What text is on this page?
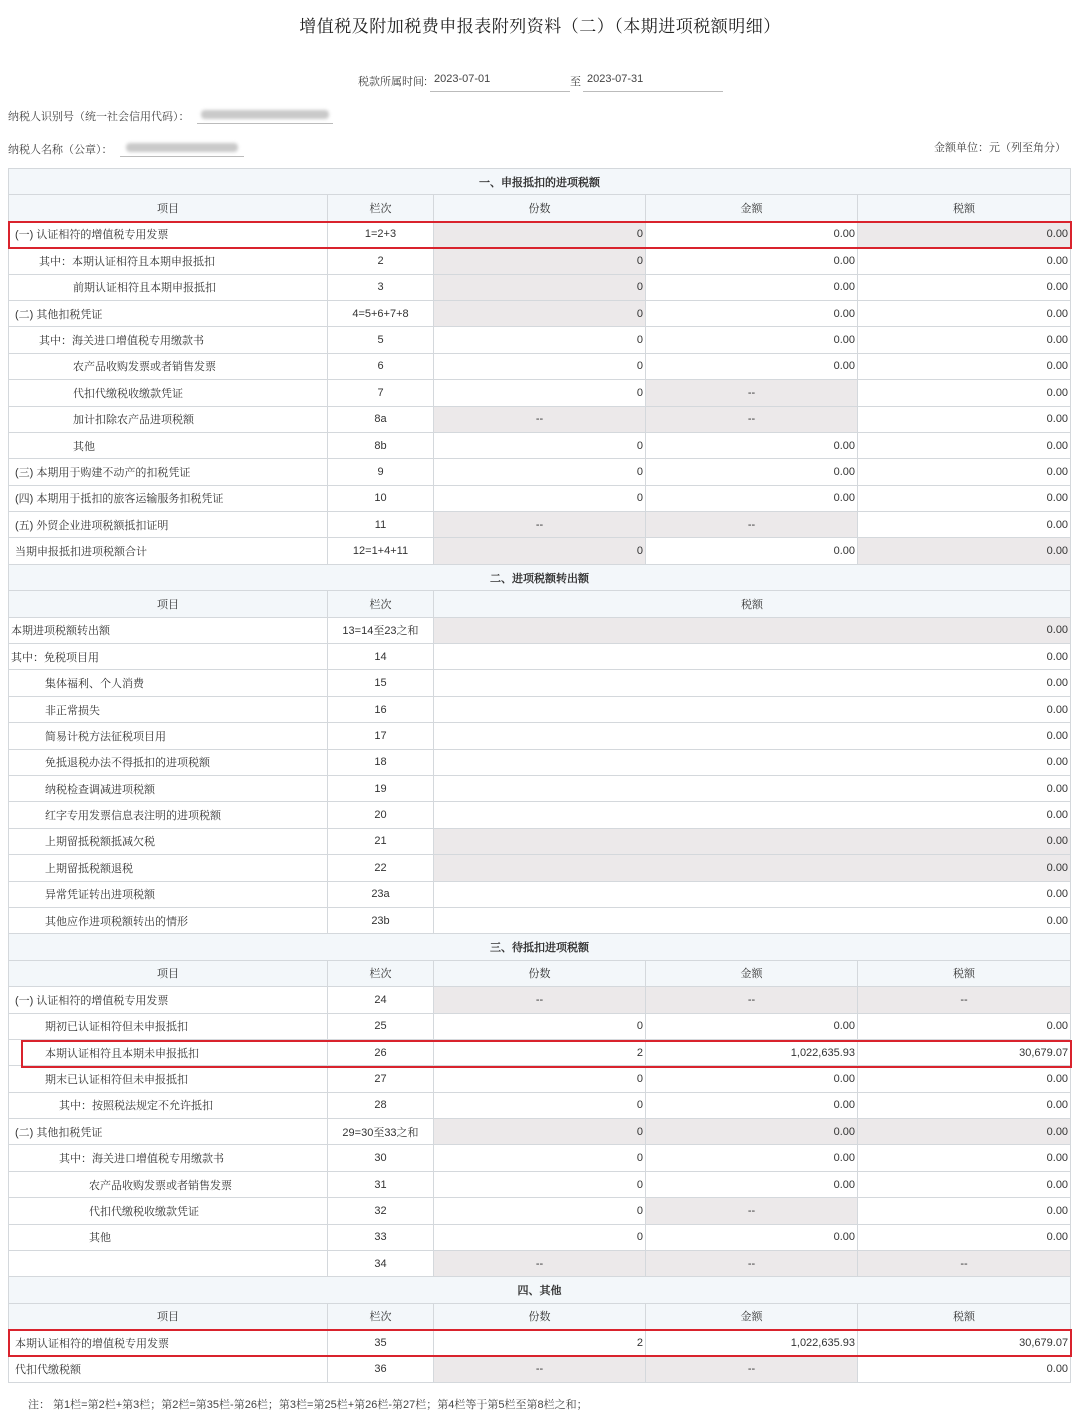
增值税及附加税费申报表附列资料（二）（本期进项税额明细）
税款所属时间: 2023-07-01	至 2023-07-31
纳税人识别号（统一社会信用代码）：
纳税人名称（公章）：	金额单位：元（列至角分）
一、申报抵扣的进项税额				
项目	栏次	份数	金额	税额
(一) 认证相符的增值税专用发票	1=2+3	0	0.00	0.00
其中：本期认证相符且本期申报抵扣	2	0	0.00	0.00
前期认证相符且本期申报抵扣	3	0	0.00	0.00
(二) 其他扣税凭证	4=5+6+7+8	0	0.00	0.00
其中：海关进口增值税专用缴款书	5	0	0.00	0.00
农产品收购发票或者销售发票	6	0	0.00	0.00
代扣代缴税收缴款凭证	7	0	--	0.00
加计扣除农产品进项税额	8a	--	--	0.00
其他	8b	0	0.00	0.00
(三) 本期用于购建不动产的扣税凭证	9	0	0.00	0.00
(四) 本期用于抵扣的旅客运输服务扣税凭证	10	0	0.00	0.00
(五) 外贸企业进项税额抵扣证明	11	--	--	0.00
当期申报抵扣进项税额合计	12=1+4+11	0	0.00	0.00
二、进项税额转出额				
项目	栏次	税额		
本期进项税额转出额	13=14至23之和	0.00		
其中：免税项目用	14	0.00		
集体福利、个人消费	15	0.00		
非正常损失	16	0.00		
简易计税方法征税项目用	17	0.00		
免抵退税办法不得抵扣的进项税额	18	0.00		
纳税检查调减进项税额	19	0.00		
红字专用发票信息表注明的进项税额	20	0.00		
上期留抵税额抵减欠税	21	0.00		
上期留抵税额退税	22	0.00		
异常凭证转出进项税额	23a	0.00		
其他应作进项税额转出的情形	23b	0.00		
三、待抵扣进项税额				
项目	栏次	份数	金额	税额
(一) 认证相符的增值税专用发票	24	--	--	--
期初已认证相符但未申报抵扣	25	0	0.00	0.00
本期认证相符且本期未申报抵扣	26	2	1,022,635.93	30,679.07
期末已认证相符但未申报抵扣	27	0	0.00	0.00
其中：按照税法规定不允许抵扣	28	0	0.00	0.00
(二) 其他扣税凭证	29=30至33之和	0	0.00	0.00
其中：海关进口增值税专用缴款书	30	0	0.00	0.00
农产品收购发票或者销售发票	31	0	0.00	0.00
代扣代缴税收缴款凭证	32	0	--	0.00
其他	33	0	0.00	0.00
	34	--	--	--
四、其他				
项目	栏次	份数	金额	税额
本期认证相符的增值税专用发票	35	2	1,022,635.93	30,679.07
代扣代缴税额	36	--	--	0.00
注： 第1栏=第2栏+第3栏；第2栏=第35栏-第26栏；第3栏=第25栏+第26栏-第27栏；第4栏等于第5栏至第8栏之和；
